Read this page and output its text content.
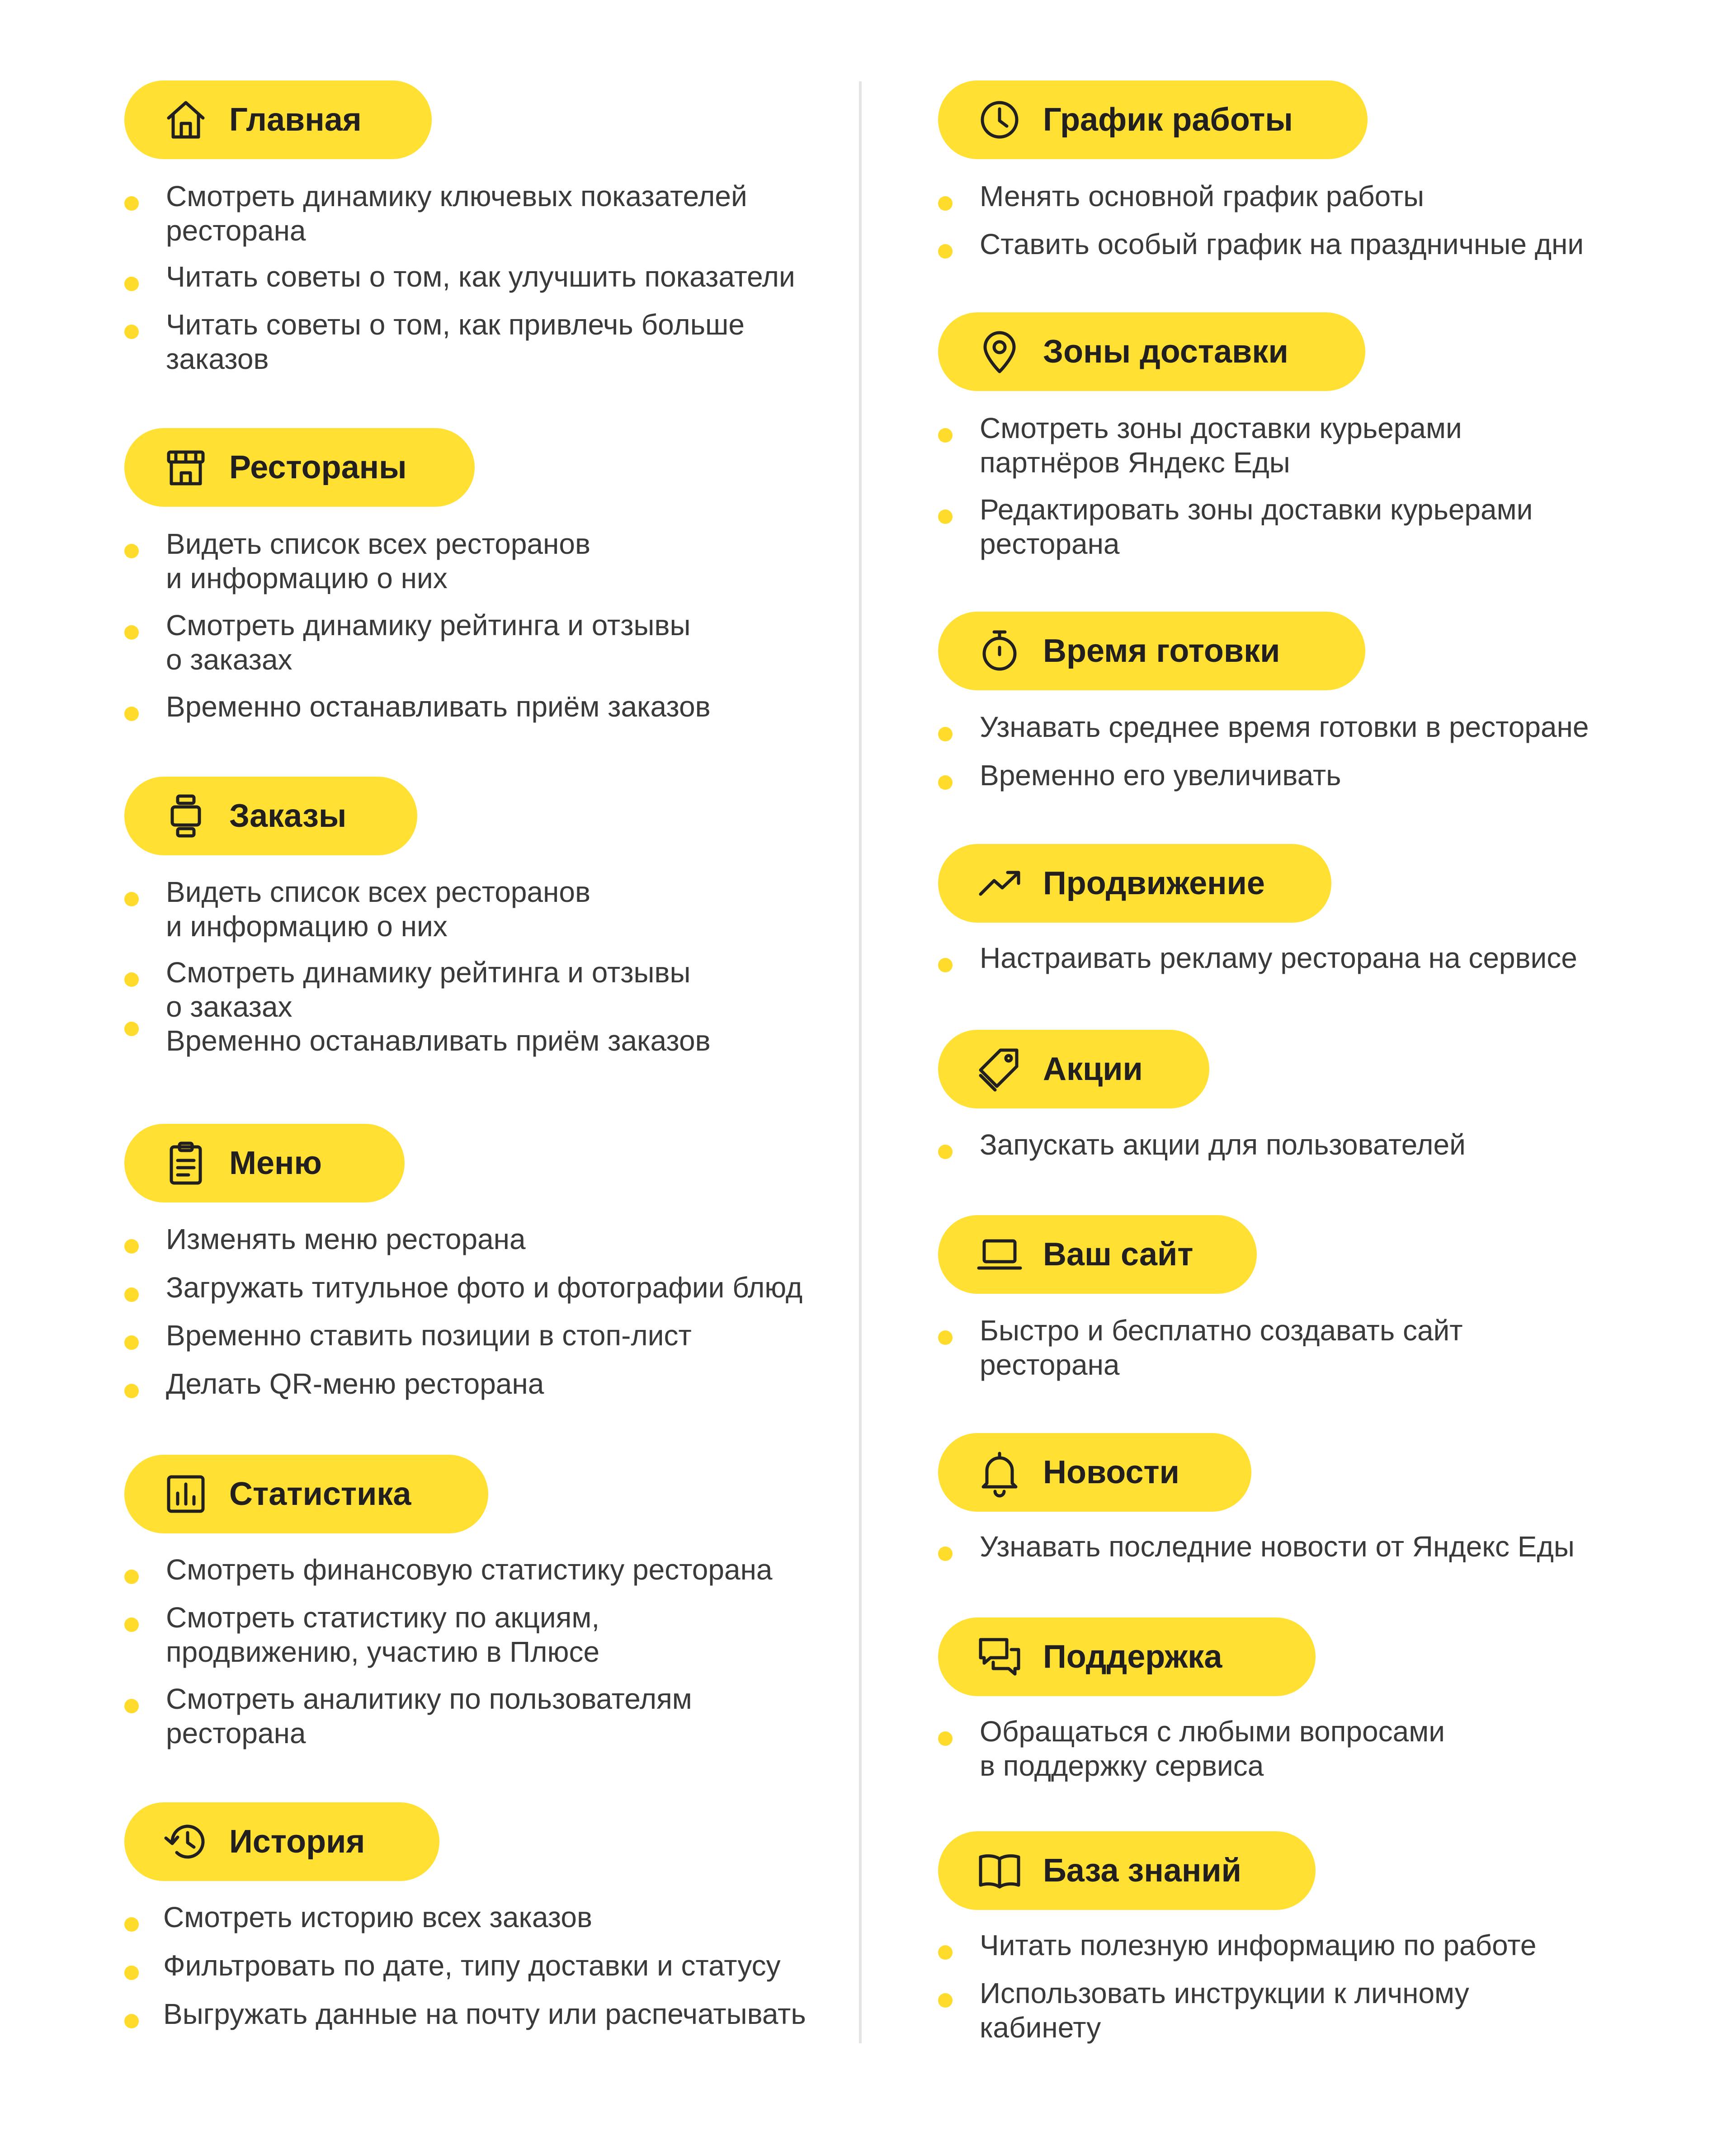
Главная
Смотреть динамику ключевых показателей
ресторана
Читать советы о том, как улучшить показатели
Читать советы о том, как привлечь больше
заказов
Рестораны
Видеть список всех ресторанов
и информацию о них
Смотреть динамику рейтинга и отзывы
о заказах
Временно останавливать приём заказов
Заказы
Видеть список всех ресторанов
и информацию о них
Смотреть динамику рейтинга и отзывы
о заказах
Временно останавливать приём заказов
Меню
Изменять меню ресторана
Загружать титульное фото и фотографии блюд
Временно ставить позиции в стоп-лист
Делать QR-меню ресторана
Статистика
Смотреть финансовую статистику ресторана
Смотреть статистику по акциям,
продвижению, участию в Плюсе
Смотреть аналитику по пользователям
ресторана
История
Смотреть историю всех заказов
Фильтровать по дате, типу доставки и статусу
Выгружать данные на почту или распечатывать
График работы
Менять основной график работы
Ставить особый график на праздничные дни
Зоны доставки
Смотреть зоны доставки курьерами
партнёров Яндекс Еды
Редактировать зоны доставки курьерами
ресторана
Время готовки
Узнавать среднее время готовки в ресторане
Временно его увеличивать
Продвижение
Настраивать рекламу ресторана на сервисе
Акции
Запускать акции для пользователей
Ваш сайт
Быстро и бесплатно создавать сайт
ресторана
Новости
Узнавать последние новости от Яндекс Еды
Поддержка
Обращаться с любыми вопросами
в поддержку сервиса
База знаний
Читать полезную информацию по работе
Использовать инструкции к личному
кабинету
